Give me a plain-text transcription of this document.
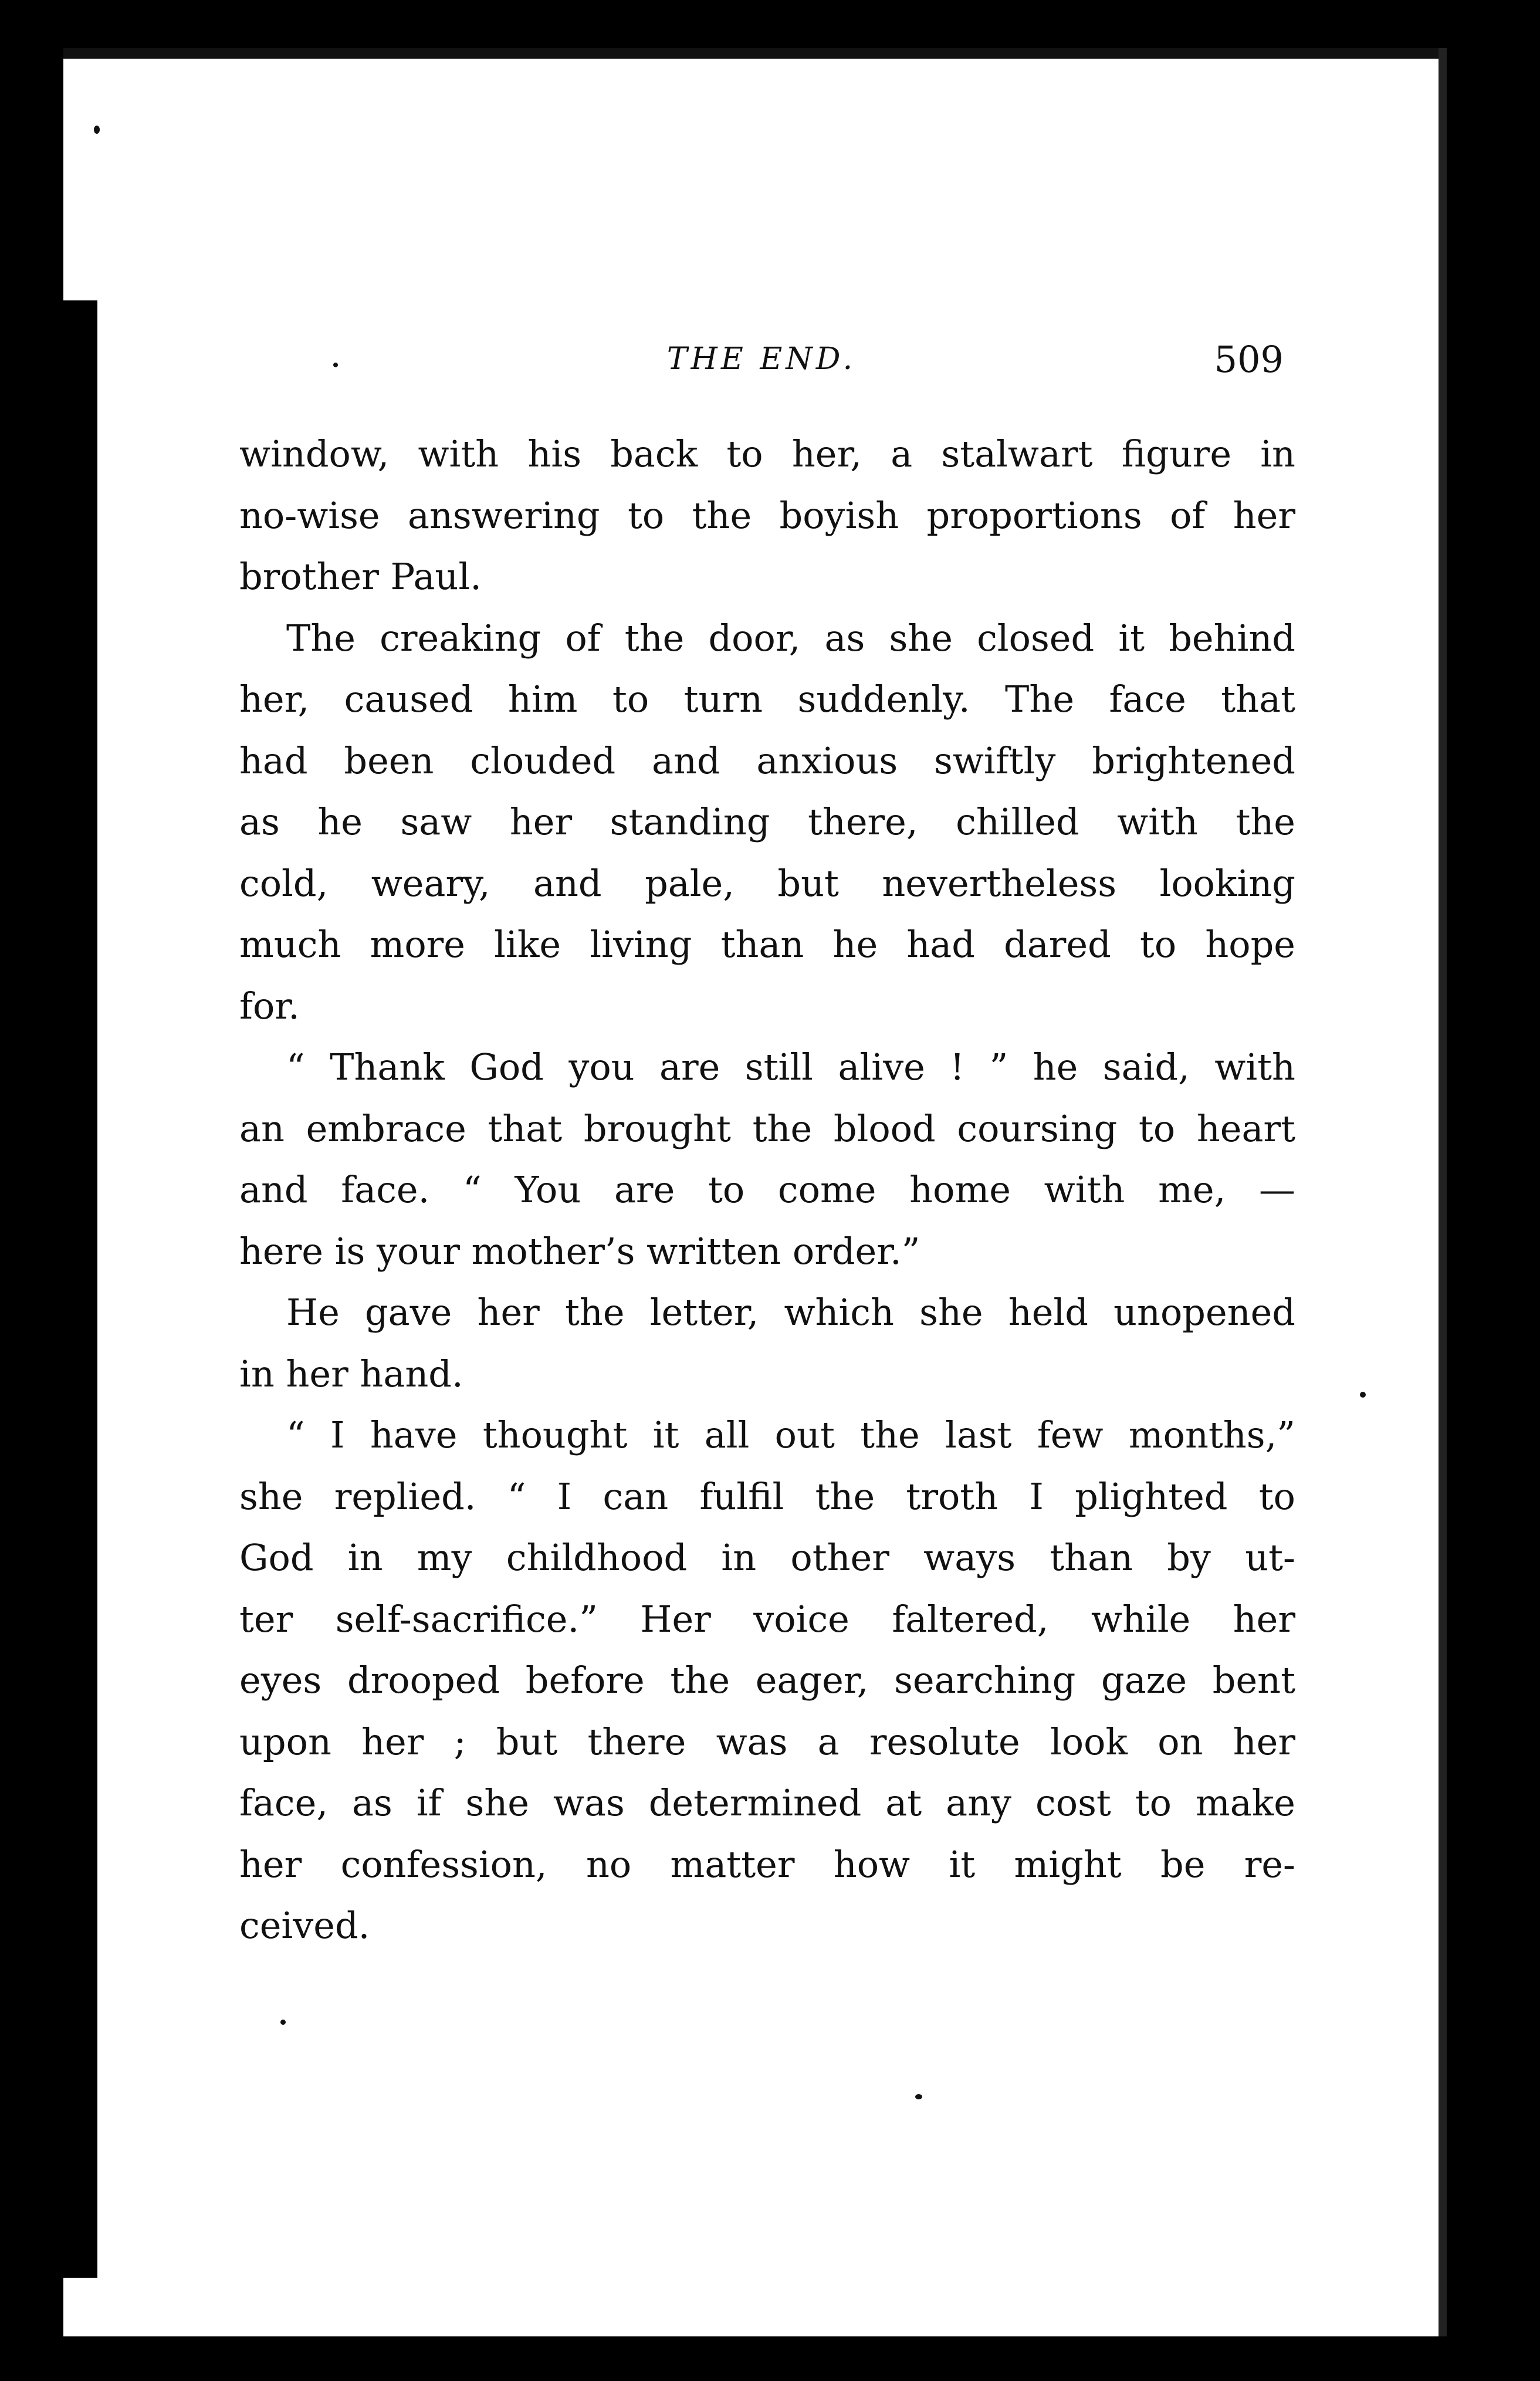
THE END.	509
window, with his back to her, a stalwart figure in
no-wise answering to the boyish proportions of her
brother Paul.
The creaking of the door, as she closed it behind
her, caused him to turn suddenly. The face that
had been clouded and anxious swiftly brightened
as he saw her standing there, chilled with the
cold, weary, and pale, but nevertheless looking
much more like living than he had dared to hope
for.
“ Thank God you are still alive ! ” he said, with
an embrace that brought the blood coursing to heart
and face. “ You are to come home with me, —
here is your mother’s written order.”
He gave her the letter, which she held unopened
in her hand.
“ I have thought it all out the last few months,”
she replied. “ I can fulfil the troth I plighted to
God in my childhood in other ways than by ut-
ter self-sacrifice.” Her voice faltered, while her
eyes drooped before the eager, searching gaze bent
upon her ; but there was a resolute look on her
face, as if she was determined at any cost to make
her confession, no matter how it might be re-
ceived.
